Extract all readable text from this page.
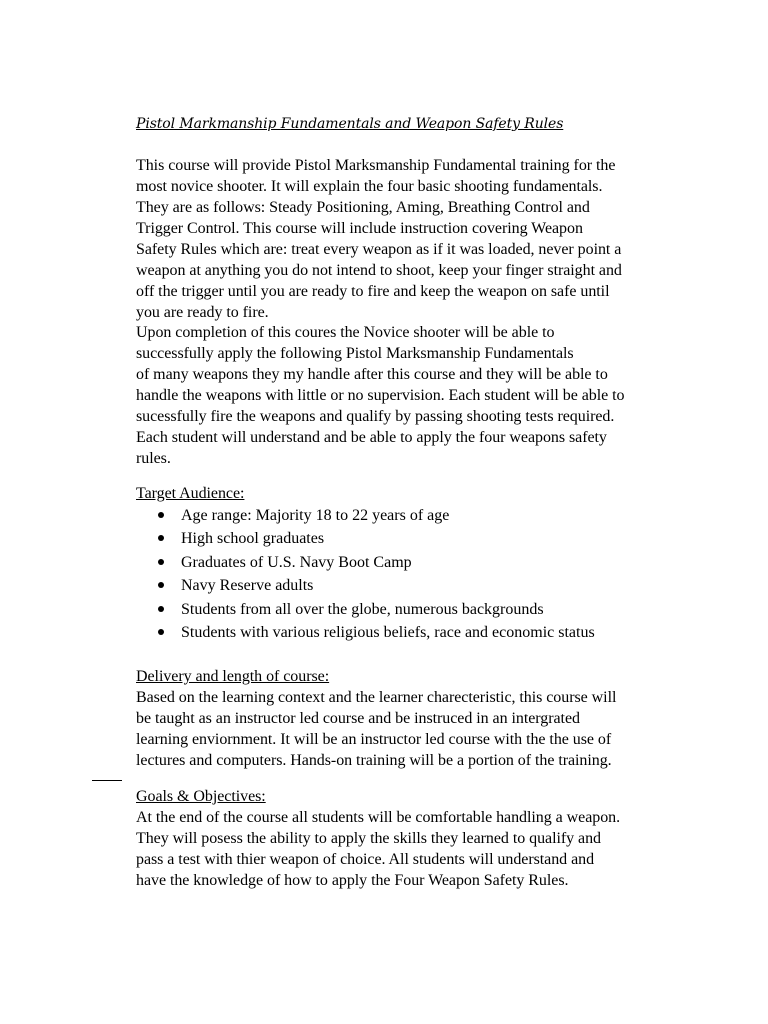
Pistol Markmanship Fundamentals and Weapon Safety Rules
This course will provide Pistol Marksmanship Fundamental training for the
most novice shooter. It will explain the four basic shooting fundamentals.
They are as follows: Steady Positioning, Aming, Breathing Control and
Trigger Control. This course will include instruction covering Weapon
Safety Rules which are: treat every weapon as if it was loaded, never point a
weapon at anything you do not intend to shoot, keep your finger straight and
off the trigger until you are ready to fire and keep the weapon on safe until
you are ready to fire.
Upon completion of this coures the Novice shooter will be able to
successfully apply the following Pistol Marksmanship Fundamentals
of many weapons they my handle after this course and they will be able to
handle the weapons with little or no supervision. Each student will be able to
sucessfully fire the weapons and qualify by passing shooting tests required.
Each student will understand and be able to apply the four weapons safety
rules.
Target Audience:
Age range: Majority 18 to 22 years of age
High school graduates
Graduates of U.S. Navy Boot Camp
Navy Reserve adults
Students from all over the globe, numerous backgrounds
Students with various religious beliefs, race and economic status
Delivery and length of course:
Based on the learning context and the learner charecteristic, this course will
be taught as an instructor led course and be instruced in an intergrated
learning enviornment. It will be an instructor led course with the the use of
lectures and computers. Hands-on training will be a portion of the training.
Goals & Objectives:
At the end of the course all students will be comfortable handling a weapon.
They will posess the ability to apply the skills they learned to qualify and
pass a test with thier weapon of choice. All students will understand and
have the knowledge of how to apply the Four Weapon Safety Rules.
